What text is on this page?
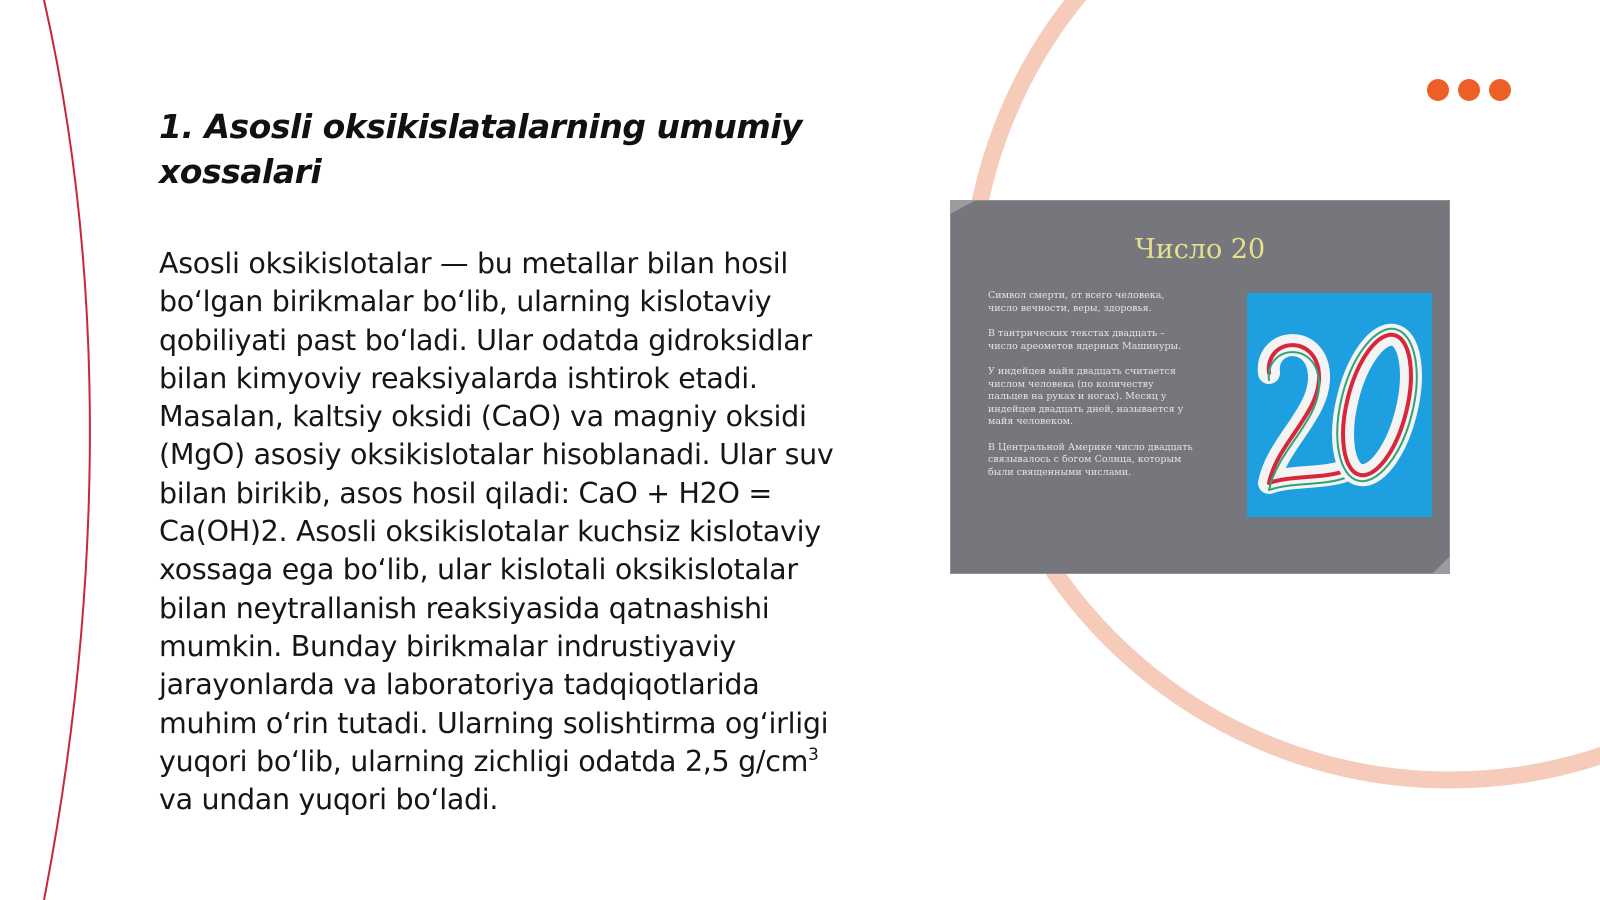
1. Asosli oksikislatalarning umumiy
xossalari

Asosli oksikislotalar — bu metallar bilan hosil boʻlgan birikmalar boʻlib, ularning kislotaviy qobiliyati past boʻladi. Ular odatda gidroksidlar bilan kimyoviy reaksiyalarda ishtirok etadi. Masalan, kaltsiy oksidi (CaO) va magniy oksidi (MgO) asosiy oksikislotalar hisoblanadi. Ular suv bilan birikib, asos hosil qiladi: CaO + H2O = Ca(OH)2. Asosli oksikislotalar kuchsiz kislotaviy xossaga ega boʻlib, ular kislotali oksikislotalar bilan neytrallanish reaksiyasida qatnashishi mumkin. Bunday birikmalar indrustiyaviy jarayonlarda va laboratoriya tadqiqotlarida muhim oʻrin tutadi. Ularning solishtirma ogʻirligi yuqori boʻlib, ularning zichligi odatda 2,5 $g/cm^3$ va undan yuqori boʻladi.

Число 20

Символ смерти, от всего человека, число вечности, веры, здоровья.

В тантрических текстах двадцать – число ареометов ядерных Машинуры.

У индейцев майя двадцать считается числом человека (по количеству пальцев на руках и ногах). Месяц у индейцев двадцать дней, называется у майя человеком.

В Центральной Америке число двадцать связывалось с богом Солнца, которым были священными числами.
